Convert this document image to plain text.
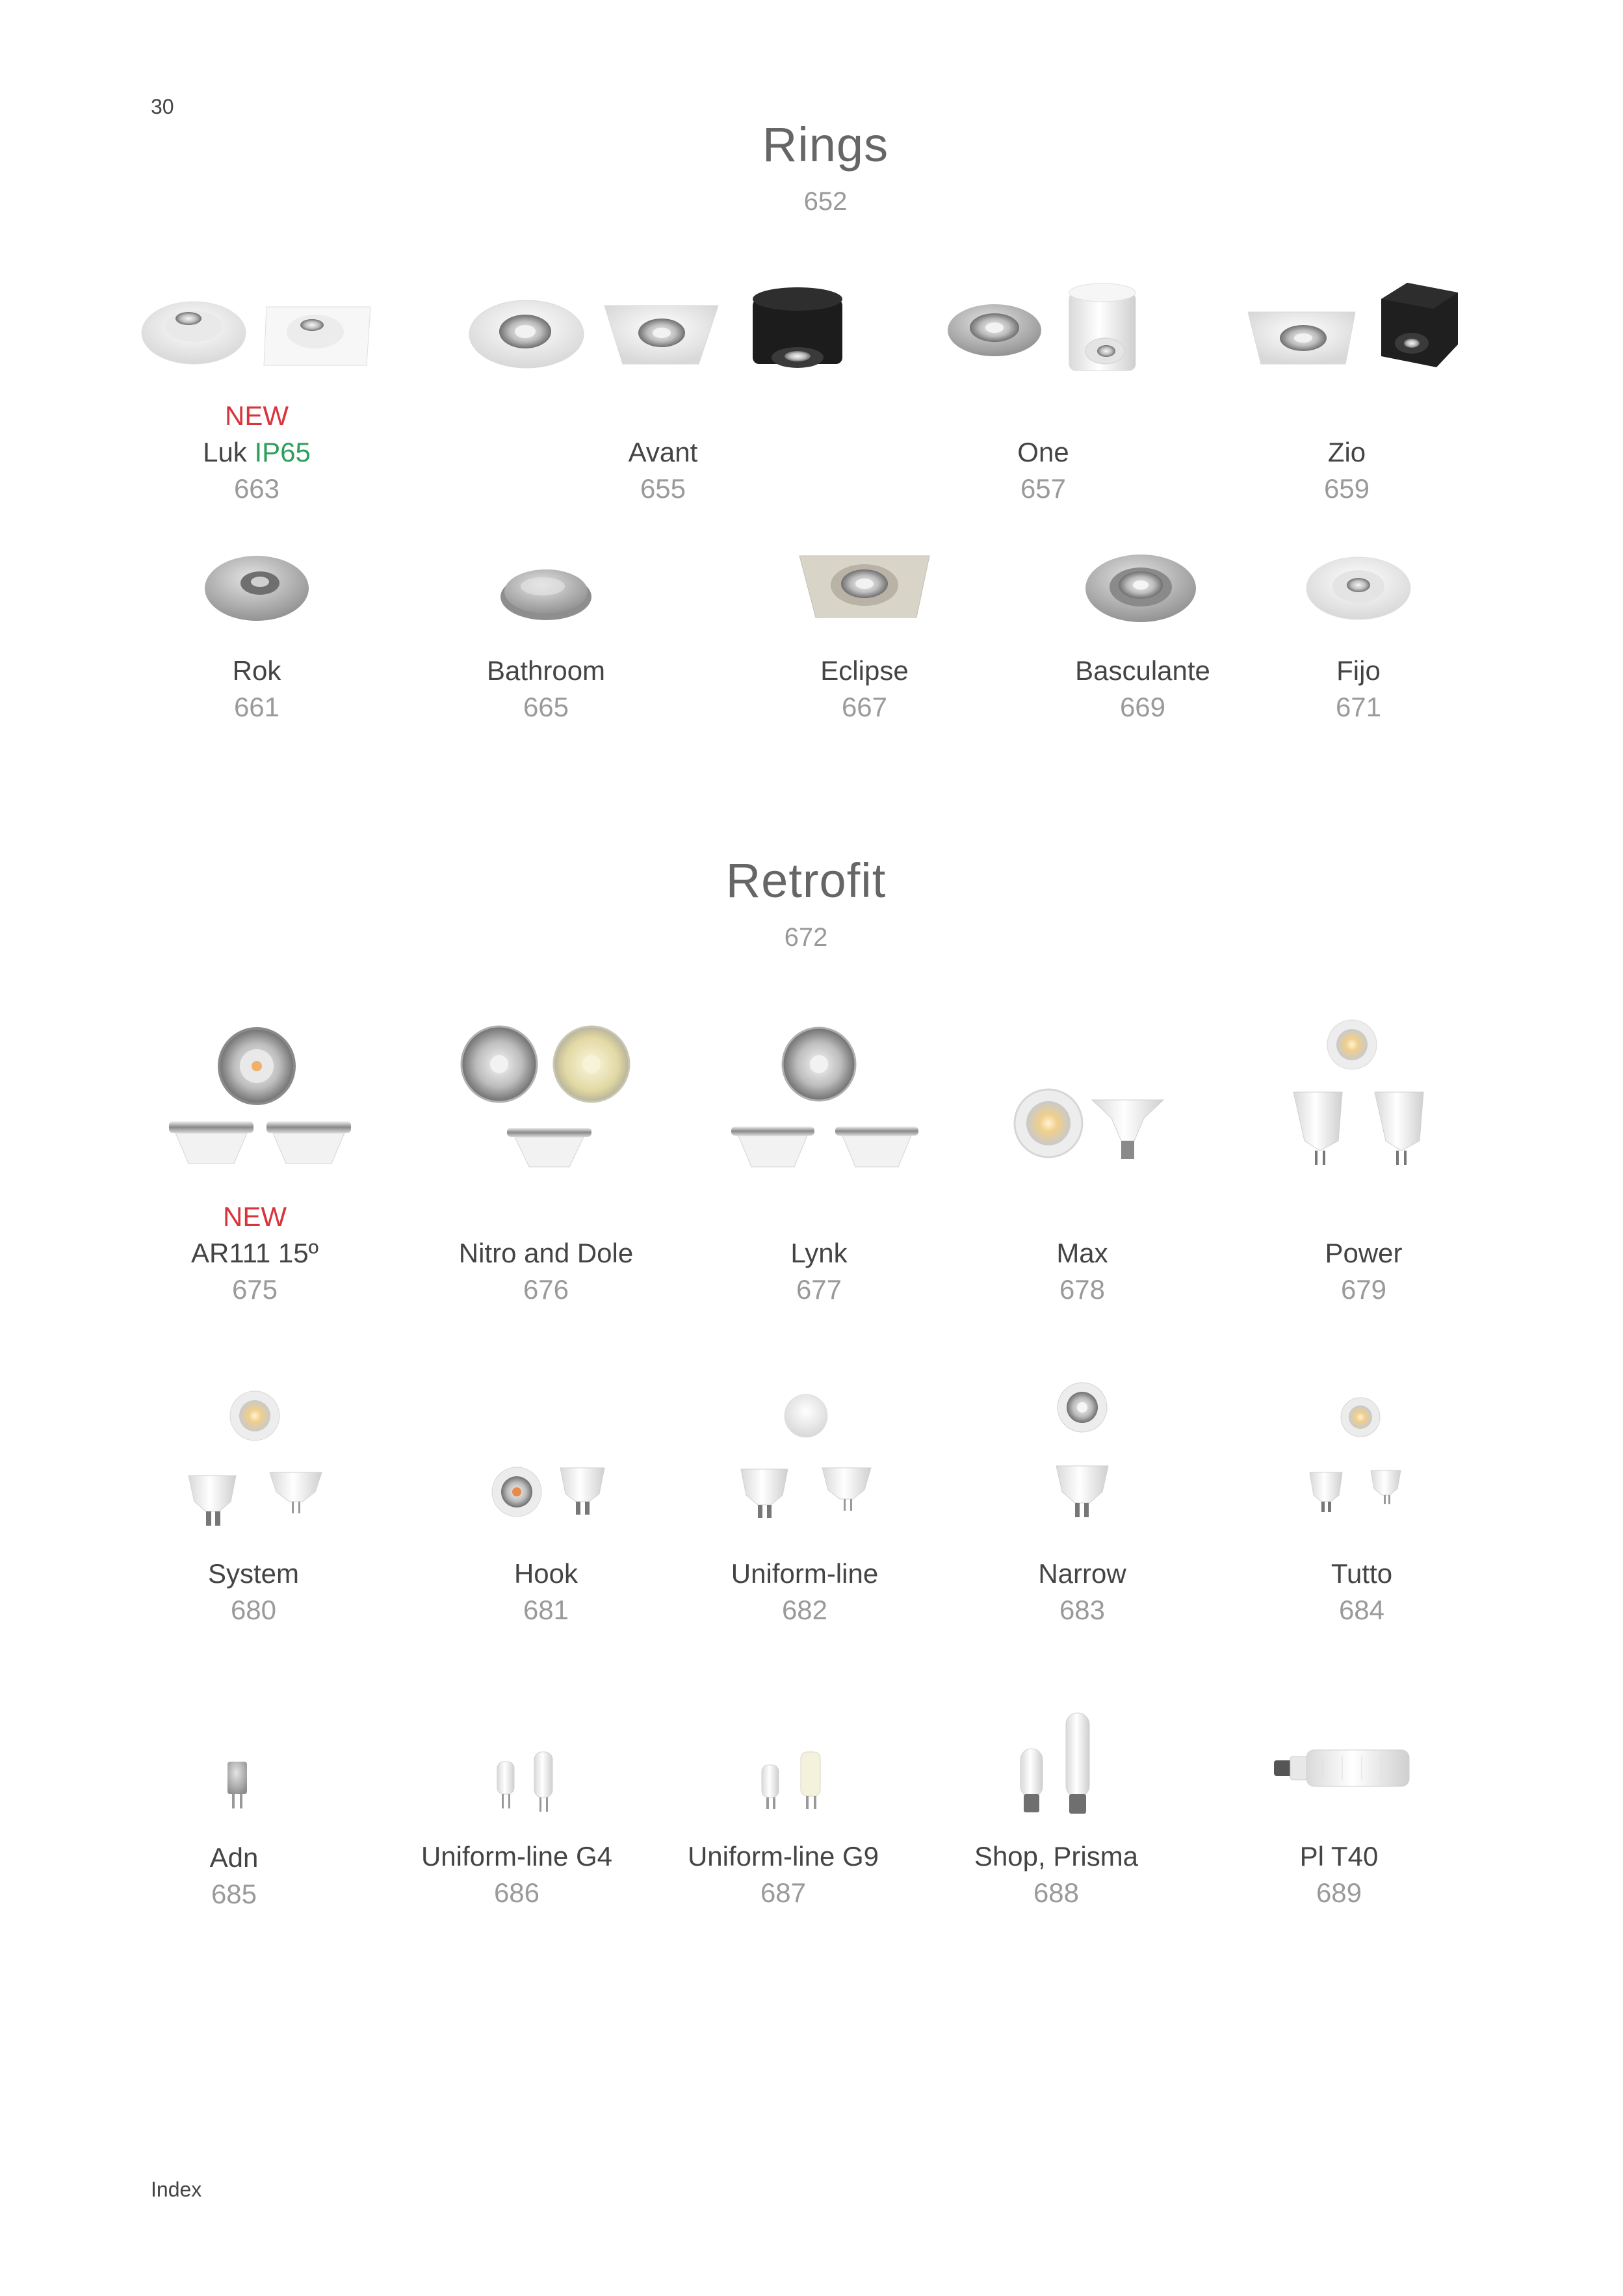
30
Index
Rings
652
Retrofit
672
NEW
Luk IP65
663
Avant
655
One
657
Zio
659
Rok
661
Bathroom
665
Eclipse
667
Basculante
669
Fijo
671
NEW
AR111 15º
675
Nitro and Dole
676
Lynk
677
Max
678
Power
679
System
680
Hook
681
Uniform-line
682
Narrow
683
Tutto
684
Adn
685
Uniform-line G4
686
Uniform-line G9
687
Shop, Prisma
688
Pl T40
689
